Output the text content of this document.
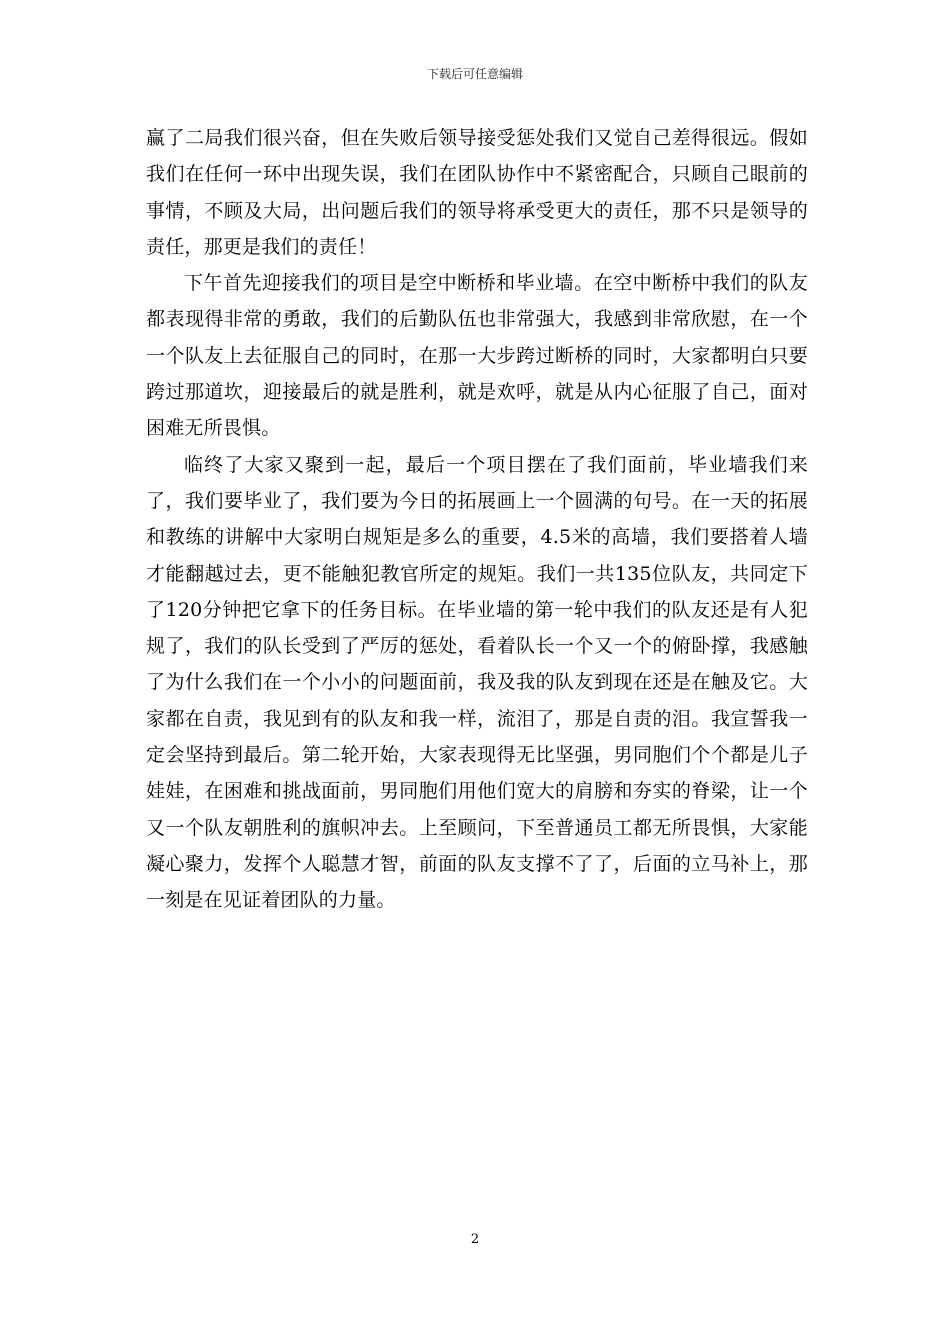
下载后可任意编辑

赢了二局我们很兴奋，但在失败后领导接受惩处我们又觉自己差得很远。假如我们在任何一环中出现失误，我们在团队协作中不紧密配合，只顾自己眼前的事情，不顾及大局，出问题后我们的领导将承受更大的责任，那不只是领导的责任，那更是我们的责任！

下午首先迎接我们的项目是空中断桥和毕业墙。在空中断桥中我们的队友都表现得非常的勇敢，我们的后勤队伍也非常强大，我感到非常欣慰，在一个一个队友上去征服自己的同时，在那一大步跨过断桥的同时，大家都明白只要跨过那道坎，迎接最后的就是胜利，就是欢呼，就是从内心征服了自己，面对困难无所畏惧。

临终了大家又聚到一起，最后一个项目摆在了我们面前，毕业墙我们来了，我们要毕业了，我们要为今日的拓展画上一个圆满的句号。在一天的拓展和教练的讲解中大家明白规矩是多么的重要，4.5米的高墙，我们要搭着人墙才能翻越过去，更不能触犯教官所定的规矩。我们一共135位队友，共同定下了120分钟把它拿下的任务目标。在毕业墙的第一轮中我们的队友还是有人犯规了，我们的队长受到了严厉的惩处，看着队长一个又一个的俯卧撑，我感触了为什么我们在一个小小的问题面前，我及我的队友到现在还是在触及它。大家都在自责，我见到有的队友和我一样，流泪了，那是自责的泪。我宣誓我一定会坚持到最后。第二轮开始，大家表现得无比坚强，男同胞们个个都是儿子娃娃，在困难和挑战面前，男同胞们用他们宽大的肩膀和夯实的脊梁，让一个又一个队友朝胜利的旗帜冲去。上至顾问，下至普通员工都无所畏惧，大家能凝心聚力，发挥个人聪慧才智，前面的队友支撑不了了，后面的立马补上，那一刻是在见证着团队的力量。

2
